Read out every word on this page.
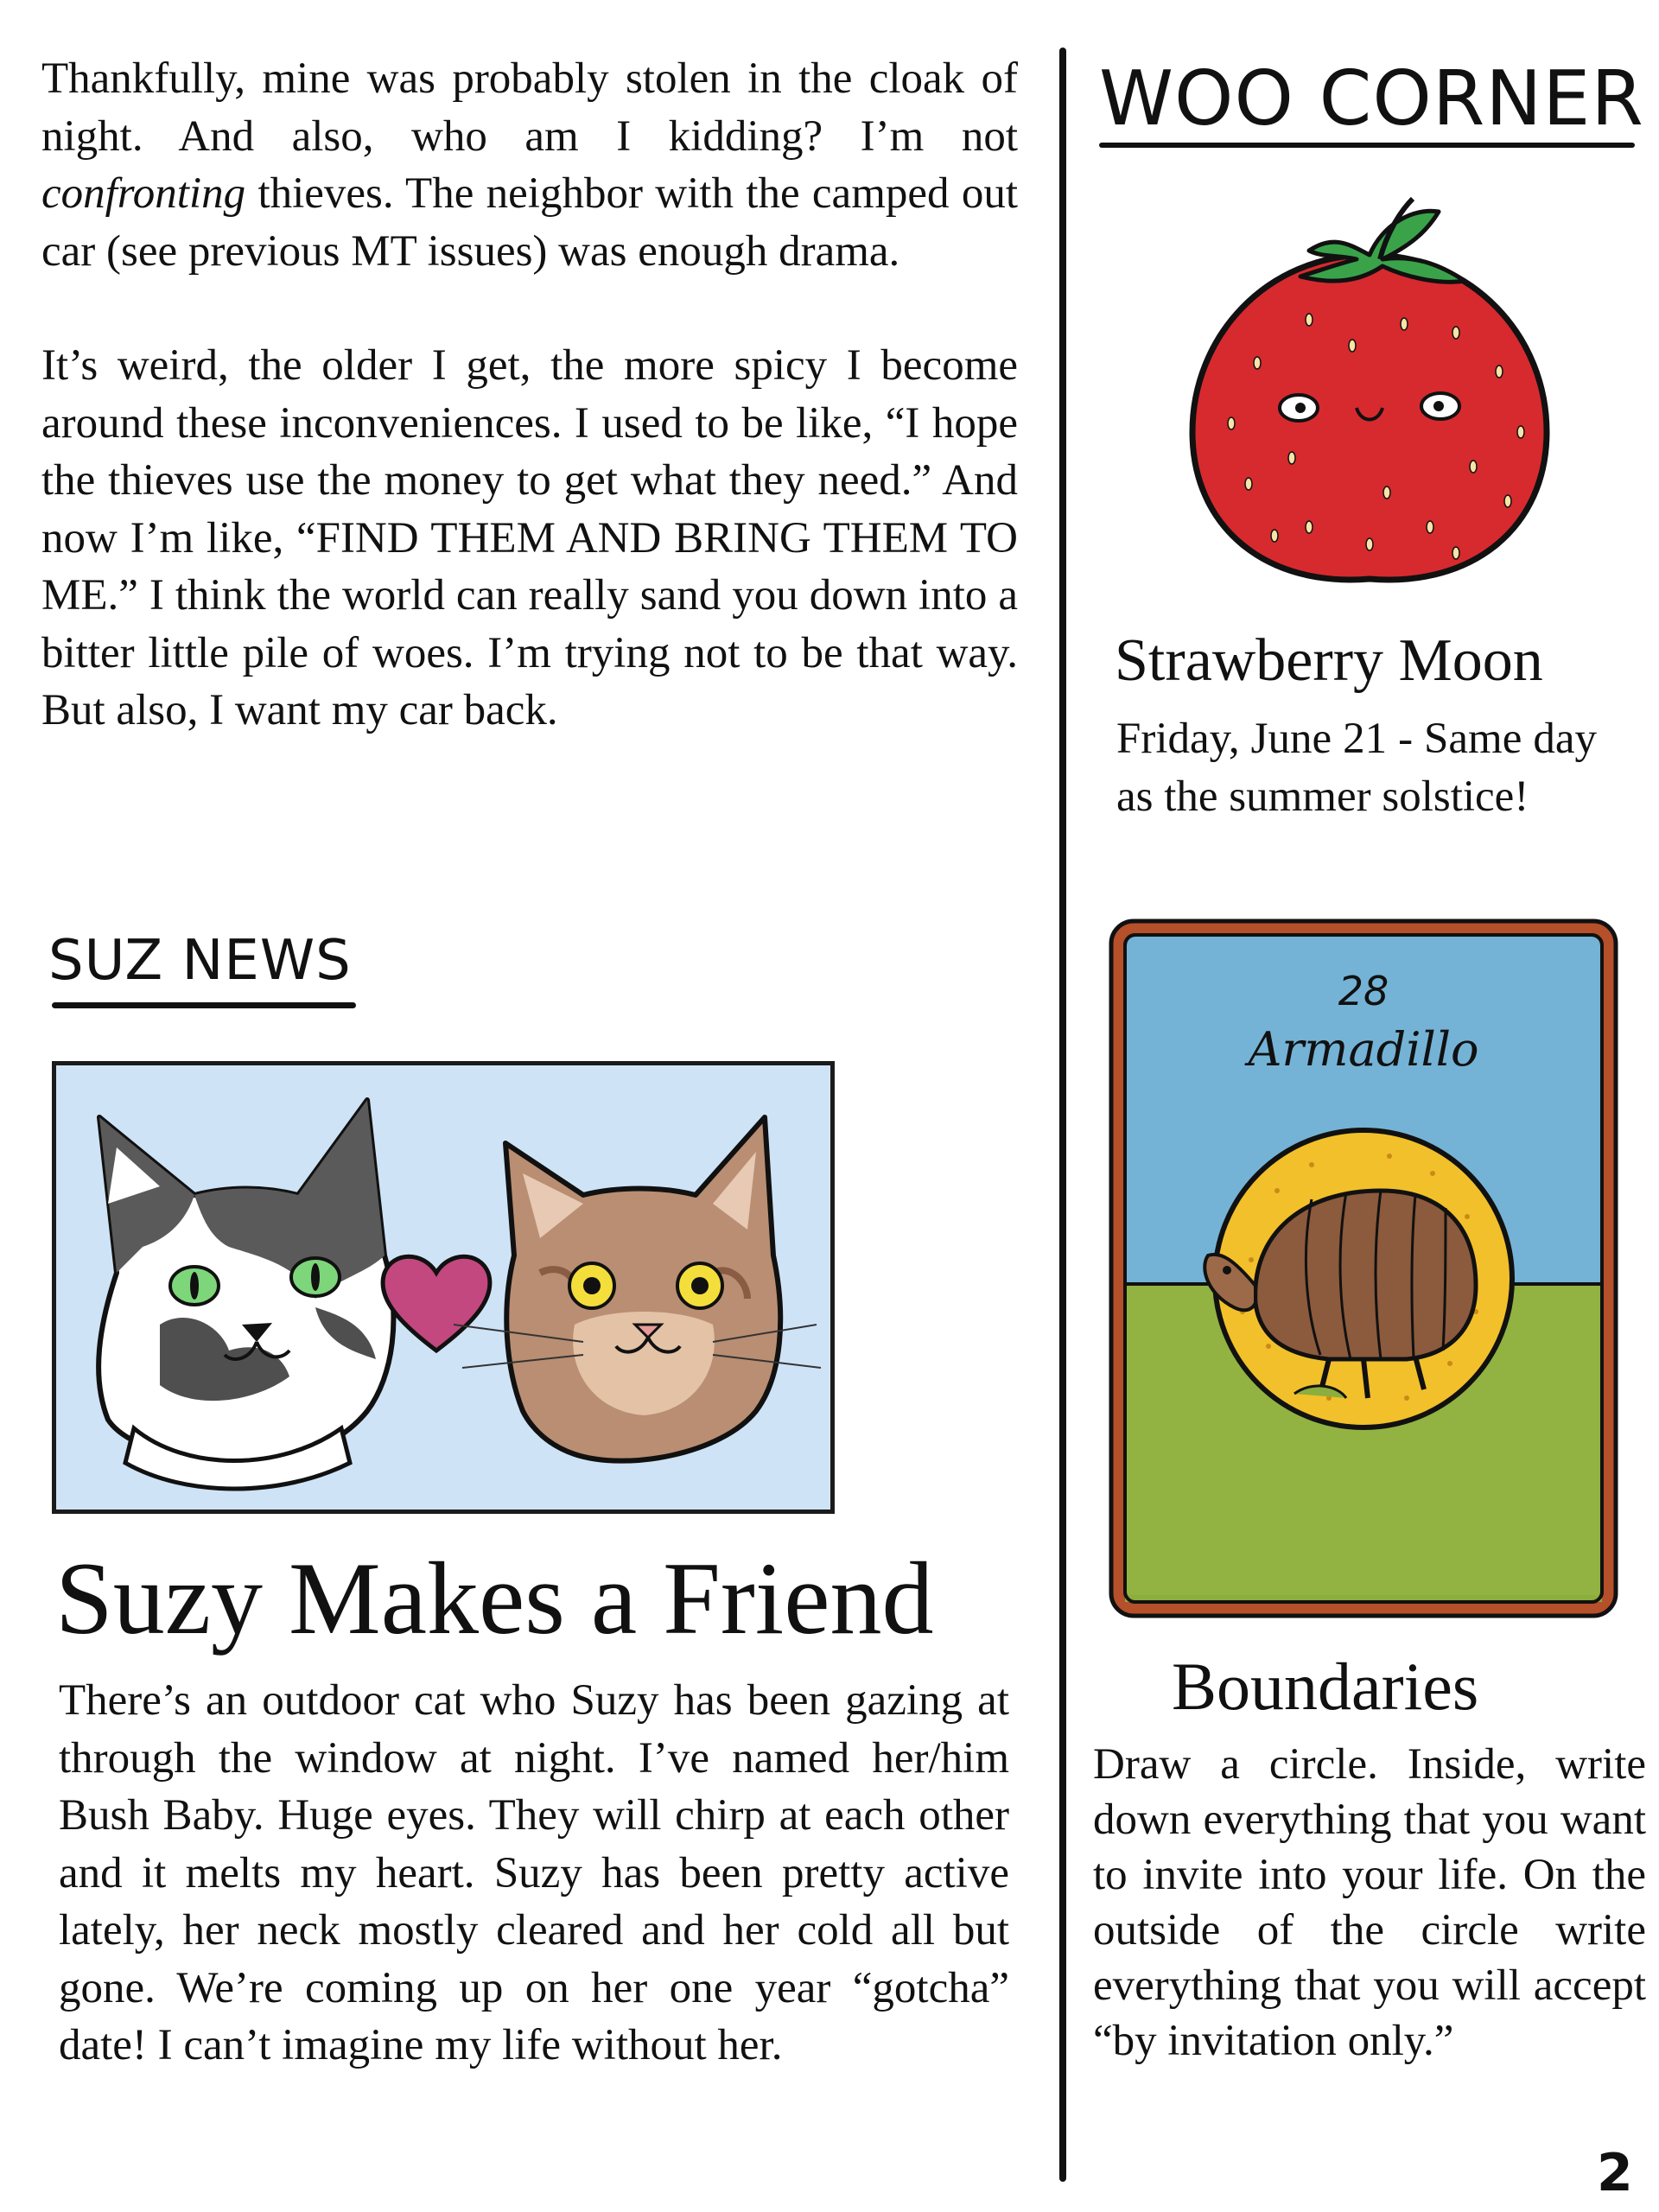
Thankfully, mine was probably stolen in the cloak of night. And also, who am I kidding? I’m not confronting thieves. The neighbor with the camped out car (see previous MT issues) was enough drama.

It’s weird, the older I get, the more spicy I become around these inconveniences. I used to be like, “I hope the thieves use the money to get what they need.” And now I’m like, “FIND THEM AND BRING THEM TO ME.” I think the world can really sand you down into a bitter little pile of woes. I’m trying not to be that way. But also, I want my car back.

SUZ NEWS
Suzy Makes a Friend
There’s an outdoor cat who Suzy has been gazing at through the window at night. I’ve named her/him Bush Baby. Huge eyes. They will chirp at each other and it melts my heart. Suzy has been pretty active lately, her neck mostly cleared and her cold all but gone. We’re coming up on her one year “gotcha” date! I can’t imagine my life without her.
WOO CORNER
Strawberry Moon
Friday, June 21 - Same day as the summer solstice!
28
Armadillo
Boundaries
Draw a circle. Inside, write down everything that you want to invite into your life. On the outside of the circle write everything that you will accept “by invitation only.”
2
